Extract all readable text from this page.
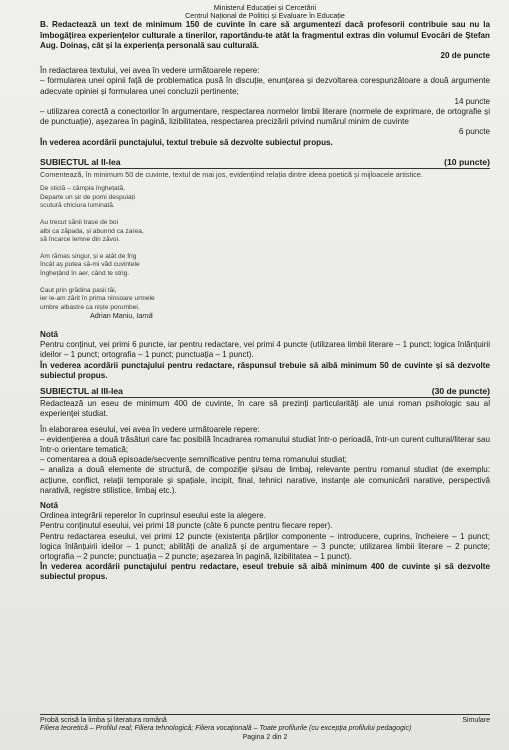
Ministerul Educației și Cercetării
Centrul Național de Politici și Evaluare în Educație

B. Redactează un text de minimum 150 de cuvinte în care să argumentezi dacă profesorii contribuie sau nu la îmbogățirea experiențelor culturale a tinerilor, raportându-te atât la fragmentul extras din volumul Evocări de Ștefan Aug. Doinaș, cât și la experiența personală sau culturală.

20 de puncte

În redactarea textului, vei avea în vedere următoarele repere:

– formularea unei opinii față de problematica pusă în discuție, enunțarea și dezvoltarea corespunzătoare a două argumente adecvate opiniei și formularea unei concluzii pertinente;

14 puncte

– utilizarea corectă a conectorilor în argumentare, respectarea normelor limbii literare (normele de exprimare, de ortografie și de punctuație), așezarea în pagină, lizibilitatea, respectarea precizării privind numărul minim de cuvinte

6 puncte

În vederea acordării punctajului, textul trebuie să dezvolte subiectul propus.

SUBIECTUL al II-lea	(10 puncte)

Comentează, în minimum 50 de cuvinte, textul de mai jos, evidențiind relația dintre ideea poetică și mijloacele artistice.

De sticlă – câmpia înghețată.
Departe un șir de pomi despuiați
scutură chiciura luminată.
Au trecut sănii trase de boi
albi ca zăpada, și abunnd ca zarea,
să încarce lemne din zăvoi.
Am rămas singur, și e atât de frig
încât aș putea să-mi văd cuvintele
înghețând în aer, când te strig.
Caut prin grădina pasii tăi,
ier le-am zărit în prima ninsoare urmele
umbre albastre ca niște porumbei.
Adrian Maniu, Iarnă

Notă

Pentru conținut, vei primi 6 puncte, iar pentru redactare, vei primi 4 puncte (utilizarea limbii literare – 1 punct; logica înlănțuirii ideilor – 1 punct; ortografia – 1 punct; punctuația – 1 punct).

În vederea acordării punctajului pentru redactare, răspunsul trebuie să aibă minimum 50 de cuvinte și să dezvolte subiectul propus.

SUBIECTUL al III-lea	(30 de puncte)

Redactează un eseu de minimum 400 de cuvinte, în care să prezinți particularități ale unui roman psihologic sau al experienței studiat.

În elaborarea eseului, vei avea în vedere următoarele repere:

– evidențierea a două trăsături care fac posibilă încadrarea romanului studiat într-o perioadă, într-un curent cultural/literar sau într-o orientare tematică;

– comentarea a două episoade/secvențe semnificative pentru tema romanului studiat;

– analiza a două elemente de structură, de compoziție și/sau de limbaj, relevante pentru romanul studiat (de exemplu: acțiune, conflict, relații temporale și spațiale, incipit, final, tehnici narative, instanțe ale comunicării narative, perspectivă narativă, registre stilistice, limbaj etc.).

Notă

Ordinea integrării reperelor în cuprinsul eseului este la alegere.

Pentru conținutul eseului, vei primi 18 puncte (câte 6 puncte pentru fiecare reper).

Pentru redactarea eseului, vei primi 12 puncte (existența părților componente – introducere, cuprins, încheiere – 1 punct; logica înlănțuirii ideilor – 1 punct; abilități de analiză și de argumentare – 3 puncte; utilizarea limbii literare – 2 puncte; ortografia – 2 puncte; punctuația – 2 puncte; așezarea în pagină, lizibilitatea – 1 punct).

În vederea acordării punctajului pentru redactare, eseul trebuie să aibă minimum 400 de cuvinte și să dezvolte subiectul propus.

Probă scrisă la limba și literatura română	Simulare
Filiera teoretică – Profilul real; Filiera tehnologică; Filiera vocațională – Toate profilurile (cu excepția profilului pedagogic)
Pagina 2 din 2
